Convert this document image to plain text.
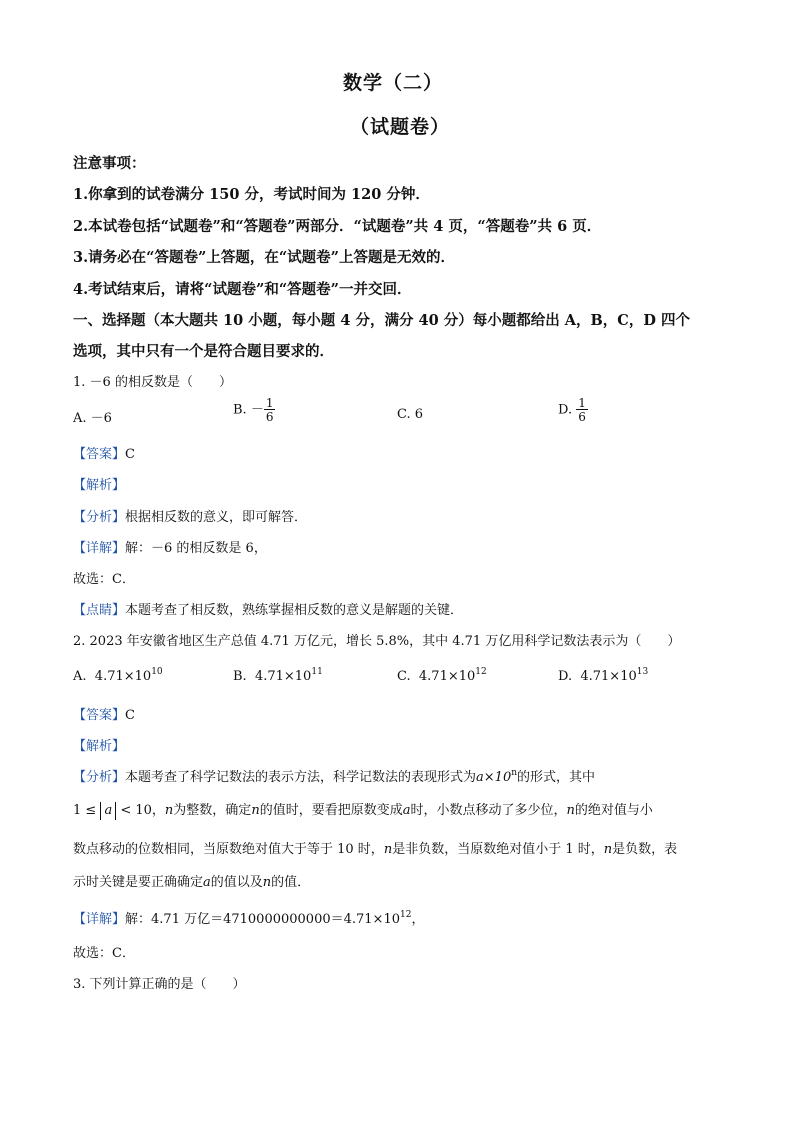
数学（二）
（试题卷）
注意事项：
1.你拿到的试卷满分 150 分，考试时间为 120 分钟．
2.本试卷包括“试题卷”和“答题卷”两部分．“试题卷”共 4 页，“答题卷”共 6 页．
3.请务必在“答题卷”上答题，在“试题卷”上答题是无效的．
4.考试结束后，请将“试题卷”和“答题卷”一并交回．
一、选择题（本大题共 10 小题，每小题 4 分，满分 40 分）每小题都给出 A，B，C，D 四个
选项，其中只有一个是符合题目要求的．
1. －6 的相反数是（　　）
A. －6
B. － $\frac{1}{6}$	C. 6	D. $\frac{1}{6}$
【答案】C
【解析】
【分析】根据相反数的意义，即可解答．
【详解】解：－6 的相反数是 6，
故选：C．
【点睛】本题考查了相反数，熟练掌握相反数的意义是解题的关键．
2. 2023 年安徽省地区生产总值 4.71 万亿元，增长 5.8%，其中 4.71 万亿用科学记数法表示为（　　）
A. $4.71\times 10^{10}$	B. $4.71\times 10^{11}$	C. $4.71\times 10^{12}$	D. $4.71\times 10^{13}$
【答案】C
【解析】
【分析】本题考查了科学记数法的表示方法，科学记数法的表现形式为$a\times 10^n$的形式，其中
1 ≤ a < 10，n为整数，确定n的值时，要看把原数变成a时，小数点移动了多少位，n的绝对值与小
数点移动的位数相同，当原数绝对值大于等于 10 时，n是非负数，当原数绝对值小于 1 时，n是负数，表
示时关键是要正确确定a的值以及n的值．
【详解】解：4.71 万亿$=4710000000000=4.71\times 10^{12}$，
故选：C．
3. 下列计算正确的是（　　）
